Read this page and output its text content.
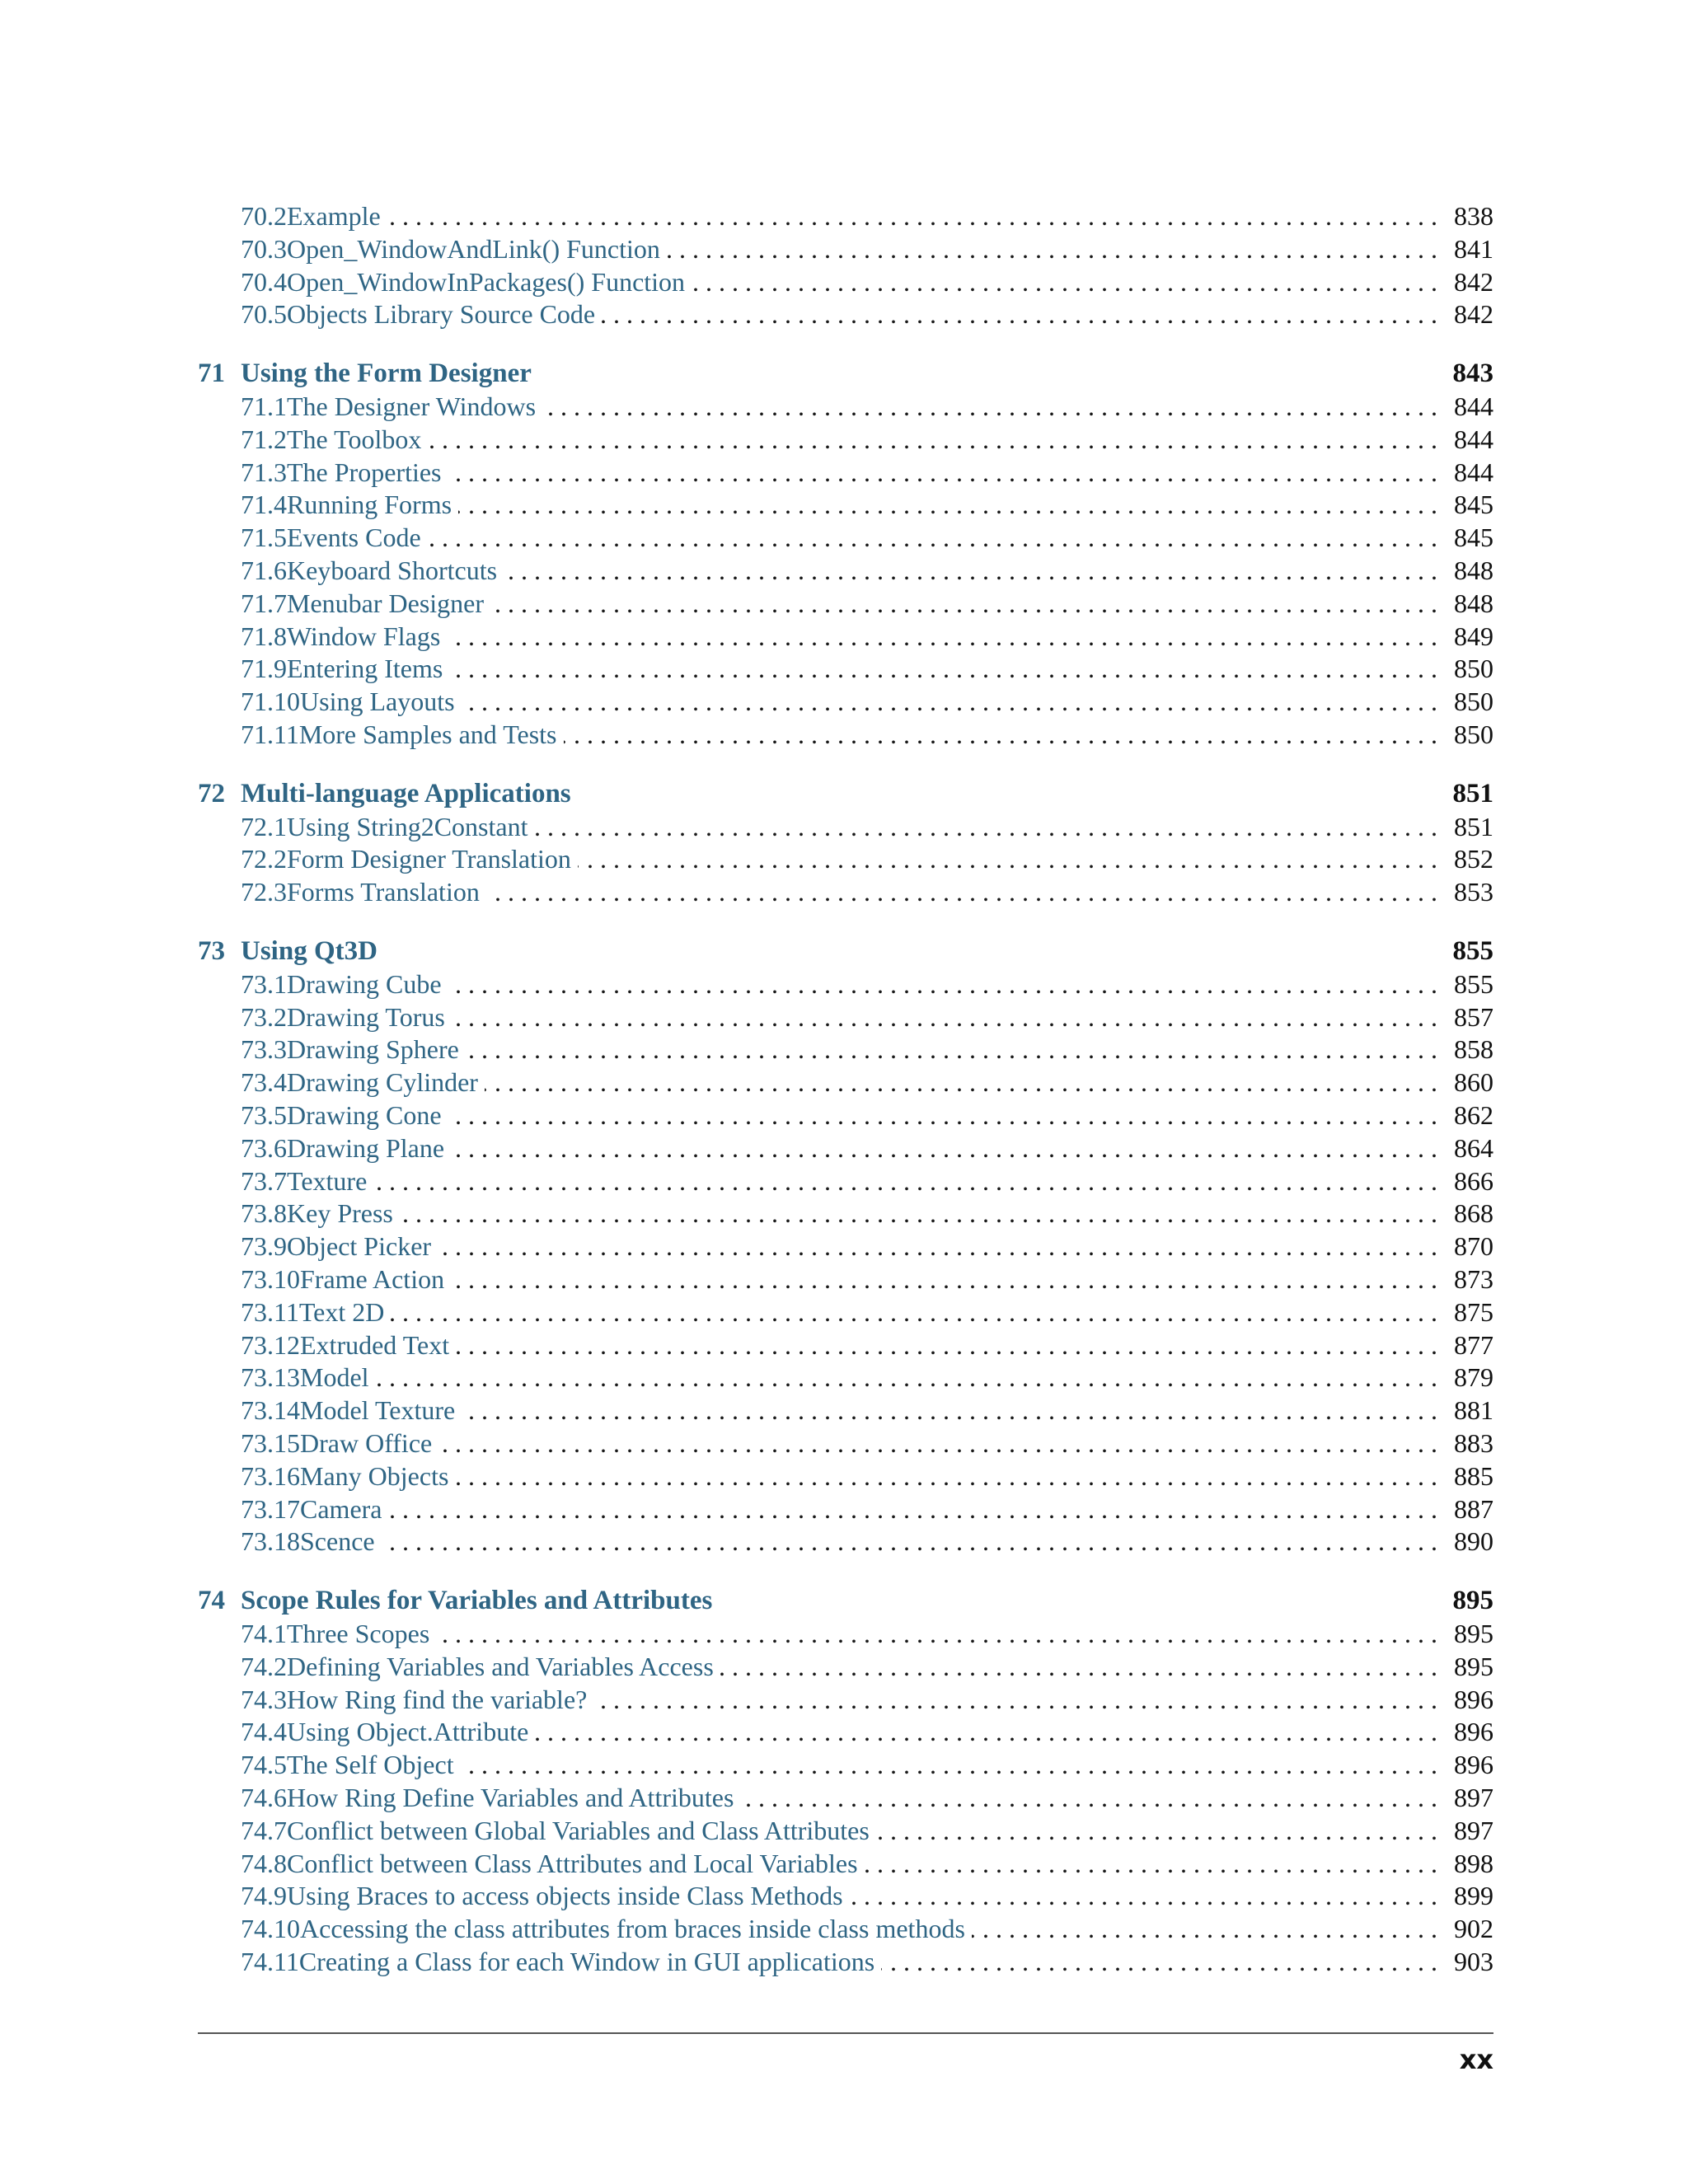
70.2 Example . . .	838
70.3 Open_WindowAndLink() Function . . .	841
70.4 Open_WindowInPackages() Function . . .	842
70.5 Objects Library Source Code . . .	842
71 Using the Form Designer	843
71.1 The Designer Windows . . .	844
71.2 The Toolbox . . .	844
71.3 The Properties . . .	844
71.4 Running Forms . . .	845
71.5 Events Code . . .	845
71.6 Keyboard Shortcuts . . .	848
71.7 Menubar Designer . . .	848
71.8 Window Flags . . .	849
71.9 Entering Items . . .	850
71.10 Using Layouts . . .	850
71.11 More Samples and Tests . . .	850
72 Multi-language Applications	851
72.1 Using String2Constant . . .	851
72.2 Form Designer Translation . . .	852
72.3 Forms Translation . . .	853
73 Using Qt3D	855
73.1 Drawing Cube . . .	855
73.2 Drawing Torus . . .	857
73.3 Drawing Sphere . . .	858
73.4 Drawing Cylinder . . .	860
73.5 Drawing Cone . . .	862
73.6 Drawing Plane . . .	864
73.7 Texture . . .	866
73.8 Key Press . . .	868
73.9 Object Picker . . .	870
73.10 Frame Action . . .	873
73.11 Text 2D . . .	875
73.12 Extruded Text . . .	877
73.13 Model . . .	879
73.14 Model Texture . . .	881
73.15 Draw Office . . .	883
73.16 Many Objects . . .	885
73.17 Camera . . .	887
73.18 Scence . . .	890
74 Scope Rules for Variables and Attributes	895
74.1 Three Scopes . . .	895
74.2 Defining Variables and Variables Access . . .	895
74.3 How Ring find the variable? . . .	896
74.4 Using Object.Attribute . . .	896
74.5 The Self Object . . .	896
74.6 How Ring Define Variables and Attributes . . .	897
74.7 Conflict between Global Variables and Class Attributes . . .	897
74.8 Conflict between Class Attributes and Local Variables . . .	898
74.9 Using Braces to access objects inside Class Methods . . .	899
74.10 Accessing the class attributes from braces inside class methods . . .	902
74.11 Creating a Class for each Window in GUI applications . . .	903
xx
